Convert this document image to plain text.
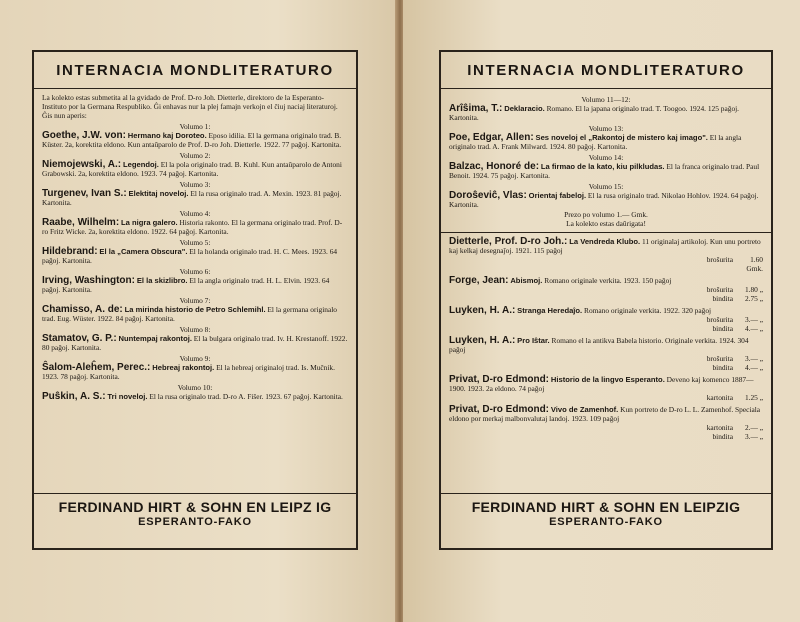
INTERNACIA MONDLITERATURO
La kolekto estas submetita al la gvidado de Prof. D-ro Joh. Dietterle, direktoro de la Esperanto-Instituto por la Germana Respubliko. Ĝi enhavas nur la plej famajn verkojn el ĉiuj naciaj literaturoj. Ĝis nun aperis:
Volumo 1:
Goethe, J.W. von: Hermano kaj Doroteo. Eposo idilia. El la germana originalo trad. B. Küster. 2a, korektita eldono. Kun antaŭparolo de Prof. D-ro Joh. Dietterle. 1922. 77 paĝoj. Kartonita.
Volumo 2:
Niemojewski, A.: Legendoj. El la pola originalo trad. B. Kuhl. Kun antaŭparolo de Antoni Grabowski. 2a, korektita eldono. 1923. 74 paĝoj. Kartonita.
Volumo 3:
Turgenev, Ivan S.: Elektitaj noveloj. El la rusa originalo trad. A. Mexin. 1923. 81 paĝoj. Kartonita.
Volumo 4:
Raabe, Wilhelm: La nigra galero. Historia rakonto. El la germana originalo trad. Prof. D-ro Fritz Wicke. 2a, korektita eldono. 1922. 64 paĝoj. Kartonita.
Volumo 5:
Hildebrand: El la „Camera Obscura". El la holanda originalo trad. H. C. Mees. 1923. 64 paĝoj. Kartonita.
Volumo 6:
Irving, Washington: El la skizlibro. El la angla originalo trad. H. L. Elvin. 1923. 64 paĝoj. Kartonita.
Volumo 7:
Chamisso, A. de: La mirinda historio de Petro Schlemihl. El la germana originalo trad. Eug. Wüster. 1922. 84 paĝoj. Kartonita.
Volumo 8:
Stamatov, G. P.: Nuntempaj rakontoj. El la bulgara originalo trad. Iv. H. Krestanoff. 1922. 80 paĝoj. Kartonita.
Volumo 9:
Ŝalom-Aleĥem, Perec.: Hebreaj rakontoj. El la hebreaj originaloj trad. Is. Muĉnik. 1923. 78 paĝoj. Kartonita.
Volumo 10:
Puŝkin, A. S.: Tri noveloj. El la rusa originalo trad. D-ro A. Fiŝer. 1923. 67 paĝoj. Kartonita.
FERDINAND HIRT & SOHN EN LEIPZ IG
ESPERANTO-FAKO
INTERNACIA MONDLITERATURO
Volumo 11—12:
Arîŝima, T.: Deklaracio. Romano. El la japana originalo trad. T. Toogoo. 1924. 125 paĝoj. Kartonita.
Volumo 13:
Poe, Edgar, Allen: Ses noveloj el „Rakontoj de mistero kaj imago". El la angla originalo trad. A. Frank Milward. 1924. 80 paĝoj. Kartonita.
Volumo 14:
Balzac, Honoré de: La firmao de la kato, kiu pilkludas. El la franca originalo trad. Paul Benoit. 1924. 75 paĝoj. Kartonita.
Volumo 15:
Doroŝeviĉ, Vlas: Orientaj fabeloj. El la rusa originalo trad. Nikolao Hohlov. 1924. 64 paĝoj. Kartonita.
Prezo po volumo 1.— Gmk.
La kolekto estas daŭrigata!
Dietterle, Prof. D-ro Joh.: La Vendreda Klubo. 11 originalaj artikoloj. Kun unu portreto kaj kelkaj desegnaĵoj. 1921. 115 paĝoj
broŝurita	1.60 Gmk.
Forge, Jean: Abismoj. Romano originale verkita. 1923. 150 paĝoj
broŝurita	1.80 „
bindita	2.75 „
Luyken, H. A.: Stranga Heredaĵo. Romano originale verkita. 1922. 320 paĝoj
broŝurita	3.— „
bindita	4.— „
Luyken, H. A.: Pro Iŝtar. Romano el la antikva Babela historio. Originale verkita. 1924. 304 paĝoj
broŝurita	3.— „
bindita	4.— „
Privat, D-ro Edmond: Historio de la lingvo Esperanto. Deveno kaj komenco 1887—1900. 1923. 2a eldono. 74 paĝoj
kartonita	1.25 „
Privat, D-ro Edmond: Vivo de Zamenhof. Kun portreto de D-ro L. L. Zamenhof. Speciala eldono por merkaj malbonvalutaj landoj. 1923. 109 paĝoj
kartonita	2.— „
bindita	3.— „
FERDINAND HIRT & SOHN EN LEIPZIG
ESPERANTO-FAKO
